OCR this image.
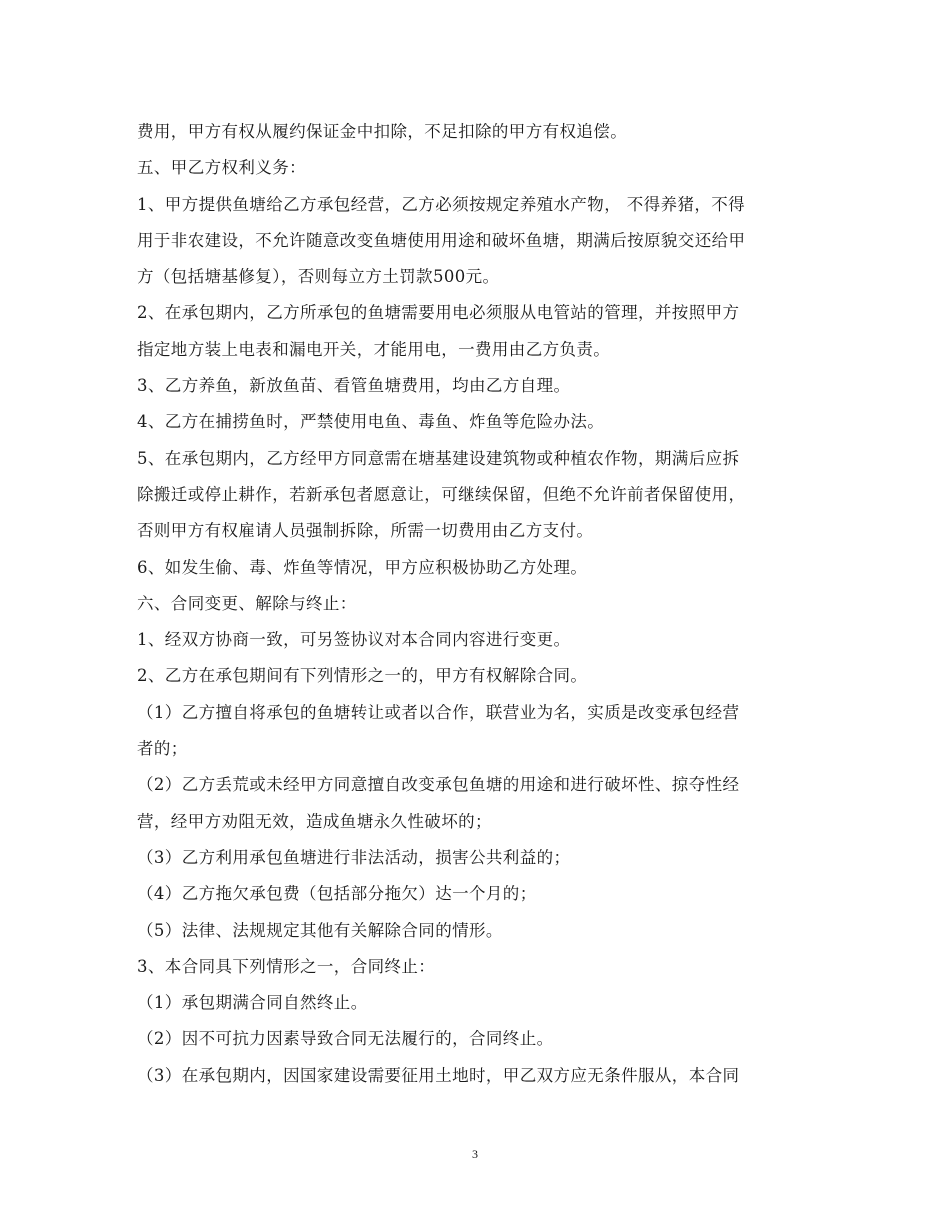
费用，甲方有权从履约保证金中扣除，不足扣除的甲方有权追偿。
五、甲乙方权利义务：
1、甲方提供鱼塘给乙方承包经营，乙方必须按规定养殖水产物， 不得养猪，不得
用于非农建设，不允许随意改变鱼塘使用用途和破坏鱼塘，期满后按原貌交还给甲
方（包括塘基修复），否则每立方土罚款500元。
2、在承包期内，乙方所承包的鱼塘需要用电必须服从电管站的管理，并按照甲方
指定地方装上电表和漏电开关，才能用电，一费用由乙方负责。
3、乙方养鱼，新放鱼苗、看管鱼塘费用，均由乙方自理。
4、乙方在捕捞鱼时，严禁使用电鱼、毒鱼、炸鱼等危险办法。
5、在承包期内，乙方经甲方同意需在塘基建设建筑物或种植农作物，期满后应拆
除搬迁或停止耕作，若新承包者愿意让，可继续保留，但绝不允许前者保留使用，
否则甲方有权雇请人员强制拆除，所需一切费用由乙方支付。
6、如发生偷、毒、炸鱼等情况，甲方应积极协助乙方处理。
六、合同变更、解除与终止：
1、经双方协商一致，可另签协议对本合同内容进行变更。
2、乙方在承包期间有下列情形之一的，甲方有权解除合同。
（1）乙方擅自将承包的鱼塘转让或者以合作，联营业为名，实质是改变承包经营
者的；
（2）乙方丢荒或未经甲方同意擅自改变承包鱼塘的用途和进行破坏性、掠夺性经
营，经甲方劝阻无效，造成鱼塘永久性破坏的；
（3）乙方利用承包鱼塘进行非法活动，损害公共利益的；
（4）乙方拖欠承包费（包括部分拖欠）达一个月的；
（5）法律、法规规定其他有关解除合同的情形。
3、本合同具下列情形之一，合同终止：
（1）承包期满合同自然终止。
（2）因不可抗力因素导致合同无法履行的，合同终止。
（3）在承包期内，因国家建设需要征用土地时，甲乙双方应无条件服从，本合同
3
